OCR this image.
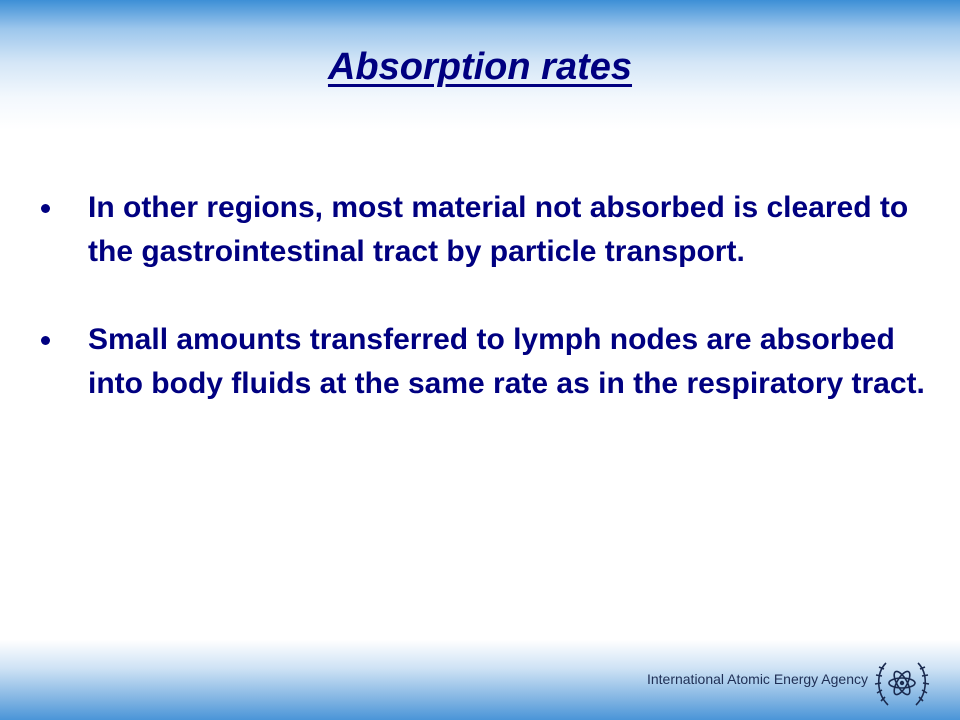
Absorption rates
In other regions, most material not absorbed is cleared to the gastrointestinal tract by particle transport.
Small amounts transferred to lymph nodes are absorbed into body fluids at the same rate as in the respiratory tract.
International Atomic Energy Agency
